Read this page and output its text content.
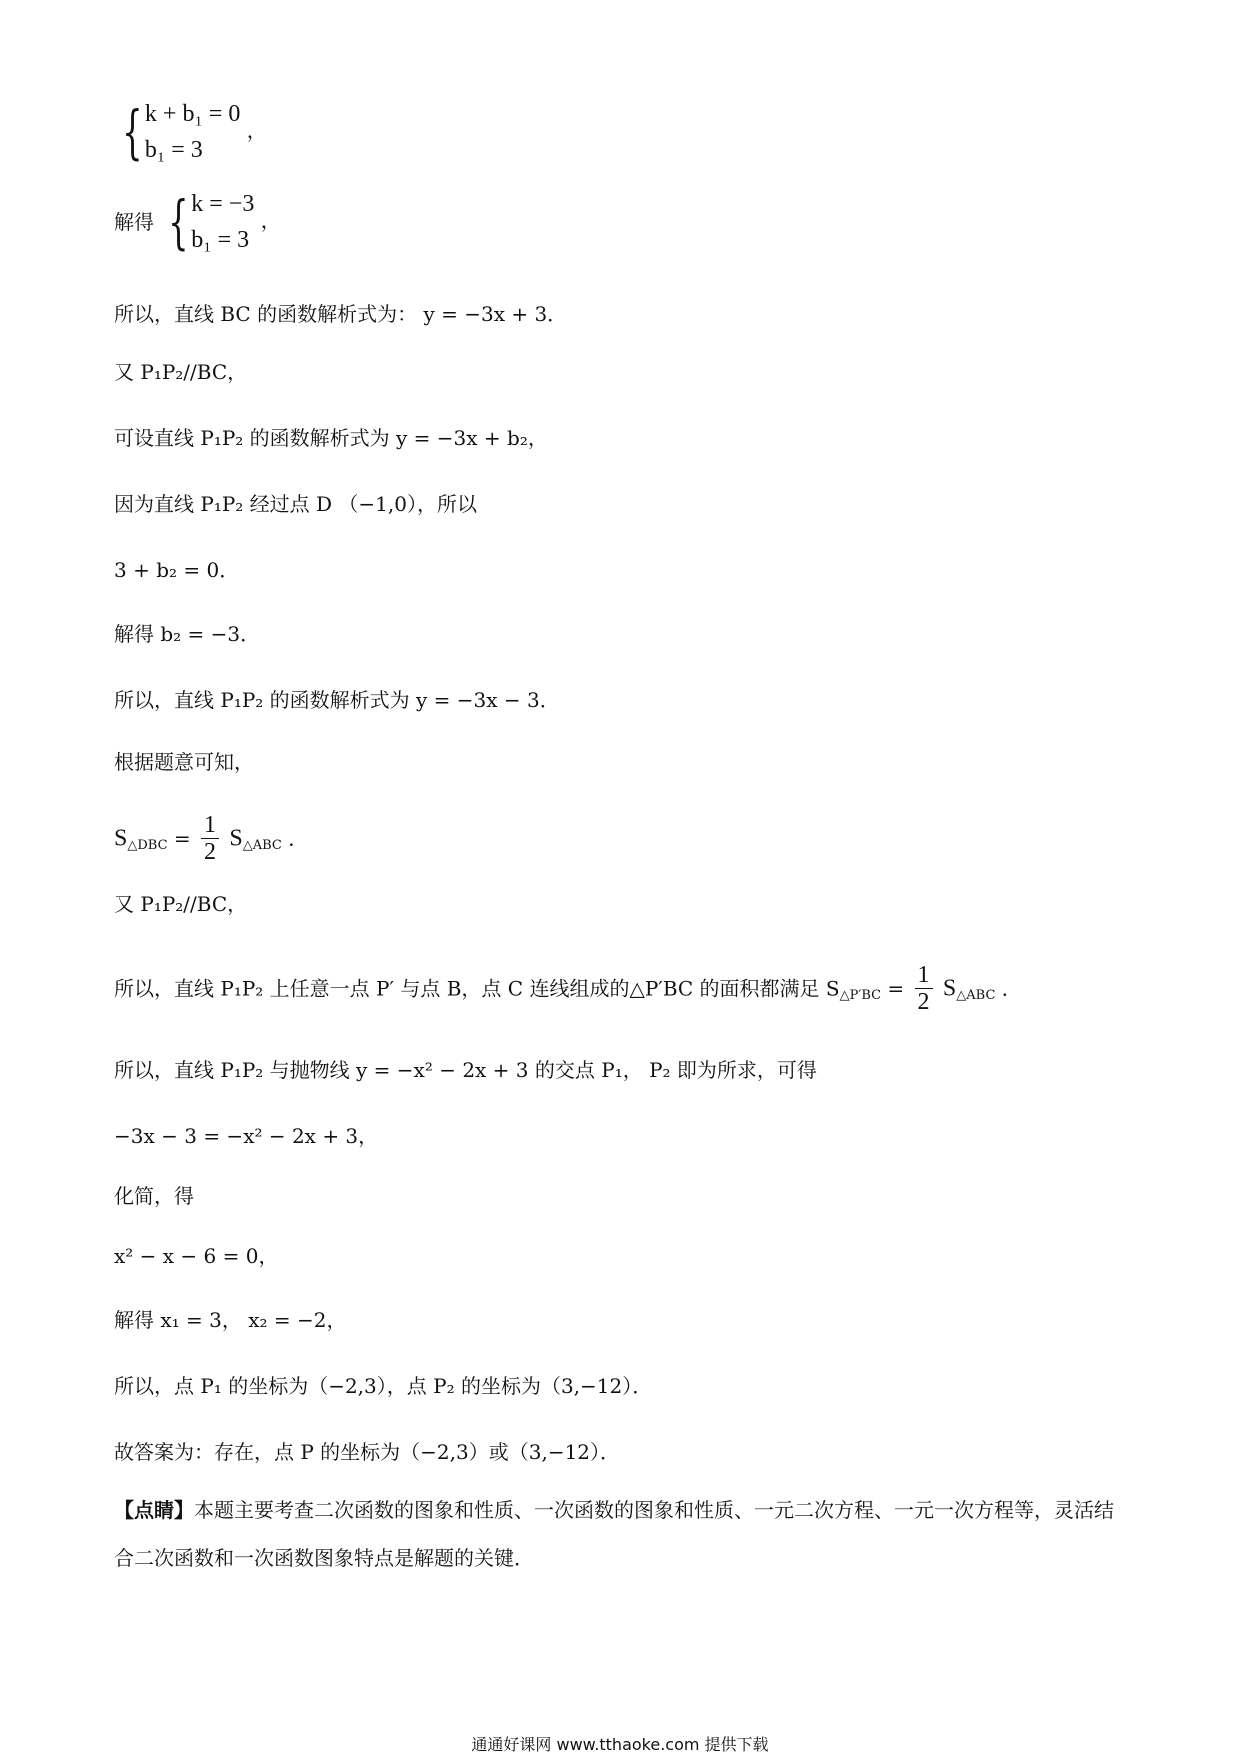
{ k + b₁ = 0
b₁ = 3
，
解得 { k = −3
b₁ = 3
，
所以，直线 BC 的函数解析式为： y = −3x + 3．
又 P₁P₂//BC，
可设直线 P₁P₂ 的函数解析式为 y = −3x + b₂，
因为直线 P₁P₂ 经过点 D （−1,0），所以
3 + b₂ = 0．
解得 b₂ = −3．
所以，直线 P₁P₂ 的函数解析式为 y = −3x − 3．
根据题意可知，
$S_{\triangle DBC} = \frac{1}{2} S_{\triangle ABC}$ ．
又 P₁P₂//BC，
所以，直线 P₁P₂ 上任意一点 P′ 与点 B，点 C 连线组成的△P′BC 的面积都满足 $S_{\triangle P'BC} = \frac{1}{2} S_{\triangle ABC}$ ．
所以，直线 P₁P₂ 与抛物线 y = −x² − 2x + 3 的交点 P₁， P₂ 即为所求，可得
−3x − 3 = −x² − 2x + 3，
化简，得
x² − x − 6 = 0，
解得 x₁ = 3， x₂ = −2，
所以，点 P₁ 的坐标为（−2,3），点 P₂ 的坐标为（3,−12）．
故答案为：存在，点 P 的坐标为（−2,3）或（3,−12）．
【点睛】本题主要考查二次函数的图象和性质、一次函数的图象和性质、一元二次方程、一元一次方程等，灵活结合二次函数和一次函数图象特点是解题的关键．
通通好课网 www.tthaoke.com 提供下载
